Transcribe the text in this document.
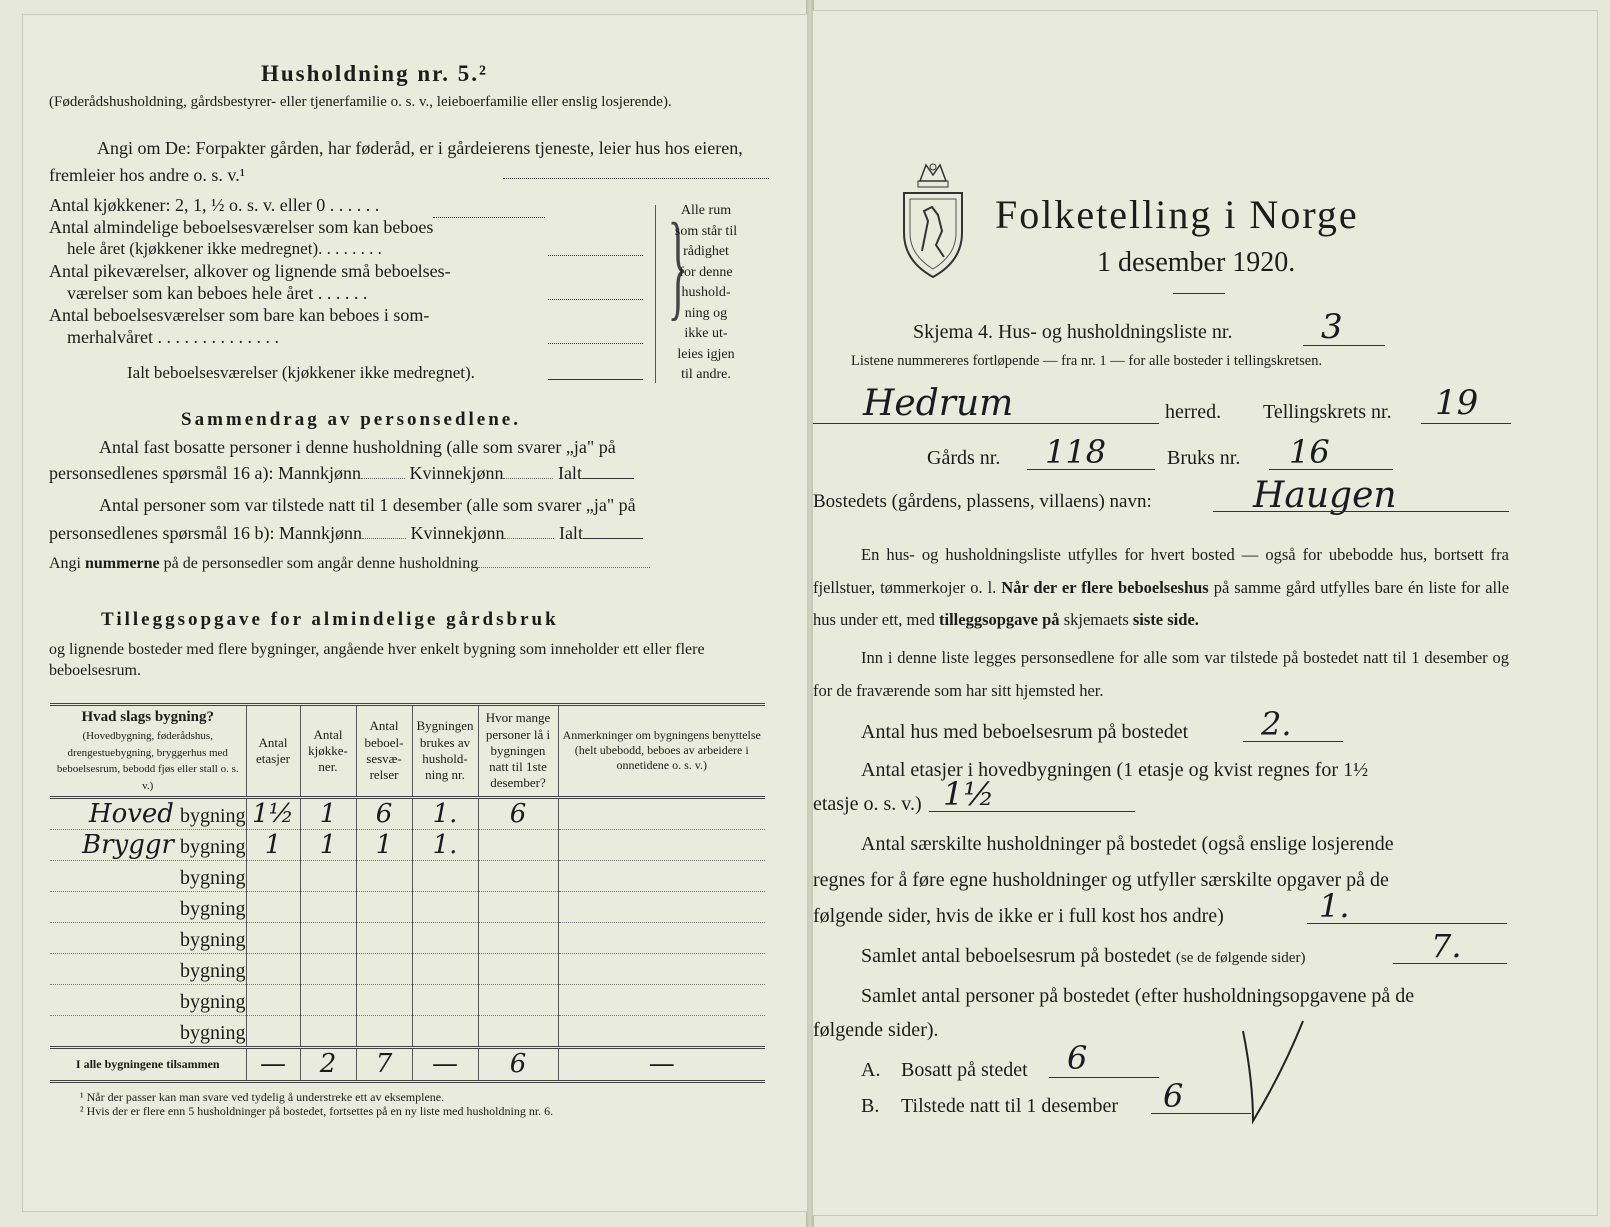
Husholdning nr. 5.²
(Føderådshusholdning, gårdsbestyrer- eller tjenerfamilie o. s. v., leieboerfamilie eller enslig losjerende).
Angi om De: Forpakter gården, har føderåd, er i gårdeierens tjeneste, leier hus hos eieren, fremleier hos andre o. s. v.¹
Antal kjøkkener: 2, 1, ½ o. s. v. eller 0 . . . . . .
Antal almindelige beboelsesværelser som kan beboes
hele året (kjøkkener ikke medregnet). . . . . . . .
Antal pikeværelser, alkover og lignende små beboelses-
værelser som kan beboes hele året . . . . . .
Antal beboelsesværelser som bare kan beboes i som-
merhalvåret . . . . . . . . . . . . . .
Ialt beboelsesværelser (kjøkkener ikke medregnet).
}
Alle rum
som står til
rådighet
for denne
hushold-
ning og
ikke ut-
leies igjen
til andre.
Sammendrag av personsedlene.
Antal fast bosatte personer i denne husholdning (alle som svarer „ja" på
personsedlenes spørsmål 16 a): Mannkjønn	Kvinnekjønn	Ialt
Antal personer som var tilstede natt til 1 desember (alle som svarer „ja" på
personsedlenes spørsmål 16 b): Mannkjønn	Kvinnekjønn	Ialt
Angi nummerne på de personsedler som angår denne husholdning
Tilleggsopgave for almindelige gårdsbruk
og lignende bosteder med flere bygninger, angående hver enkelt bygning som inneholder ett eller flere beboelsesrum.
Hvad slags bygning?
(Hovedbygning, føderådshus, drengestuebygning, bryggerhus med beboelsesrum, bebodd fjøs eller stall o. s. v.)	Antal etasjer	Antal kjøkke- ner.	Antal beboel- sesvæ- relser	Bygningen brukes av hushold- ning nr.	Hvor mange personer lå i bygningen natt til 1ste desember?	Anmerkninger om bygningens benyttelse (helt ubebodd, beboes av arbeidere i onnetidene o. s. v.)
Hoved bygning	1½	1	6	1.	6	
Bryggr bygning	1	1	1	1.		
bygning						
bygning						
bygning						
bygning						
bygning						
bygning						
I alle bygningene tilsammen	—	2	7	—	6	—
¹ Når der passer kan man svare ved tydelig å understreke ett av eksemplene.
² Hvis der er flere enn 5 husholdninger på bostedet, fortsettes på en ny liste med husholdning nr. 6.
Folketelling i Norge
1 desember 1920.
Skjema 4. Hus- og husholdningsliste nr.	3
Listene nummereres fortløpende — fra nr. 1 — for alle bosteder i tellingskretsen.
Hedrum	herred. Tellingskrets nr. 19
Gårds nr. 118	Bruks nr. 16
Bostedets (gårdens, plassens, villaens) navn:	Haugen
En hus- og husholdningsliste utfylles for hvert bosted — også for ubebodde hus, bortsett fra fjellstuer, tømmerkojer o. l. Når der er flere beboelseshus på samme gård utfylles bare én liste for alle hus under ett, med tilleggsopgave på skjemaets siste side.
Inn i denne liste legges personsedlene for alle som var tilstede på bostedet natt til 1 desember og for de fraværende som har sitt hjemsted her.
Antal hus med beboelsesrum på bostedet 2.
Antal etasjer i hovedbygningen (1 etasje og kvist regnes for 1½
etasje o. s. v.) 1½
Antal særskilte husholdninger på bostedet (også enslige losjerende
regnes for å føre egne husholdninger og utfyller særskilte opgaver på de
følgende sider, hvis de ikke er i full kost hos andre)	1.
Samlet antal beboelsesrum på bostedet (se de følgende sider)	7.
Samlet antal personer på bostedet (efter husholdningsopgavene på de
følgende sider).
A. Bosatt på stedet 6
B. Tilstede natt til 1 desember 6
